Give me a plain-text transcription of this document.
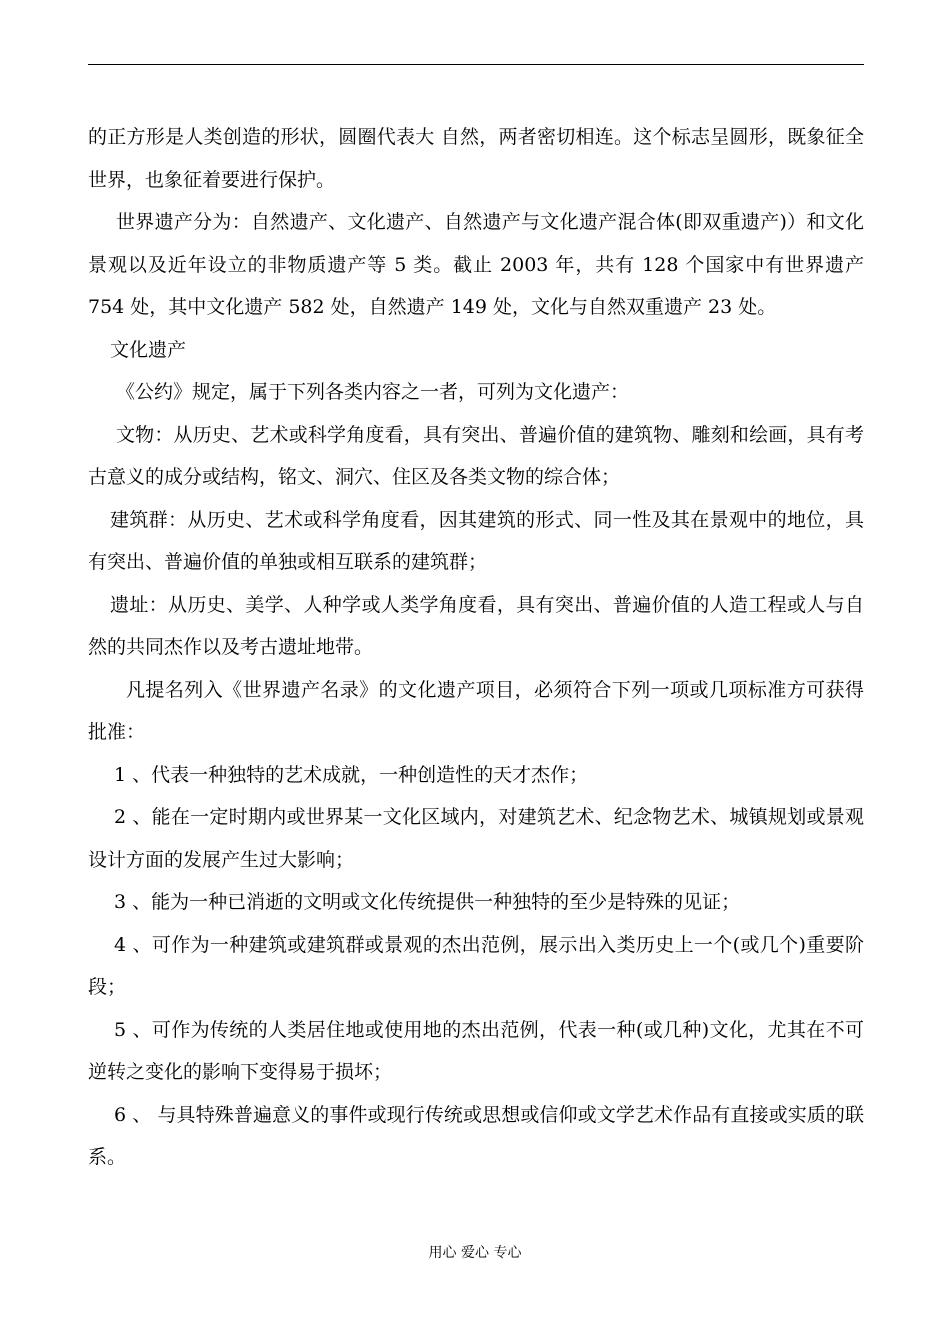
的正方形是人类创造的形状，圆圈代表大 自然，两者密切相连。这个标志呈圆形，既象征全世界，也象征着要进行保护。

世界遗产分为：自然遗产、文化遗产、自然遗产与文化遗产混合体(即双重遗产)）和文化景观以及近年设立的非物质遗产等 5 类。截止 2003 年，共有 128 个国家中有世界遗产 754 处，其中文化遗产 582 处，自然遗产 149 处，文化与自然双重遗产 23 处。

文化遗产

《公约》规定，属于下列各类内容之一者，可列为文化遗产：

文物：从历史、艺术或科学角度看，具有突出、普遍价值的建筑物、雕刻和绘画，具有考古意义的成分或结构，铭文、洞穴、住区及各类文物的综合体；

建筑群：从历史、艺术或科学角度看，因其建筑的形式、同一性及其在景观中的地位，具有突出、普遍价值的单独或相互联系的建筑群；

遗址：从历史、美学、人种学或人类学角度看，具有突出、普遍价值的人造工程或人与自然的共同杰作以及考古遗址地带。

凡提名列入《世界遗产名录》的文化遗产项目，必须符合下列一项或几项标准方可获得批准：

1 、代表一种独特的艺术成就，一种创造性的天才杰作；

2 、能在一定时期内或世界某一文化区域内，对建筑艺术、纪念物艺术、城镇规划或景观设计方面的发展产生过大影响；

3 、能为一种已消逝的文明或文化传统提供一种独特的至少是特殊的见证；

4 、可作为一种建筑或建筑群或景观的杰出范例，展示出入类历史上一个(或几个)重要阶段；

5 、可作为传统的人类居住地或使用地的杰出范例，代表一种(或几种)文化，尤其在不可逆转之变化的影响下变得易于损坏；

6 、 与具特殊普遍意义的事件或现行传统或思想或信仰或文学艺术作品有直接或实质的联系。

用心 爱心 专心
